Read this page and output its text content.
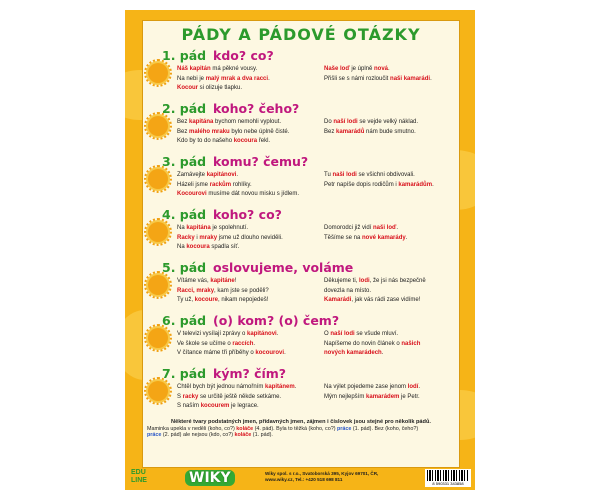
PÁDY A PÁDOVÉ OTÁZKY
1. pád kdo? co?
Náš kapitán má pěkné vousy.
Na nebi je malý mrak a dva racci.
Kocour si olizuje tlapku.
Naše loď je úplně nová.
Přišli se s námi rozloučit naši kamarádi.
2. pád koho? čeho?
Bez kapitána bychom nemohli vyplout.
Bez malého mraku bylo nebe úplně čisté.
Kdo by to do našeho kocoura řekl.
Do naší lodi se vejde velký náklad.
Bez kamarádů nám bude smutno.
3. pád komu? čemu?
Zamávejte kapitánovi.
Házeli jsme rackům rohlíky.
Kocourovi musíme dát novou misku s jídlem.
Tu naši lodi se všichni obdivovali.
Petr napíše dopis rodičům i kamarádům.
4. pád koho? co?
Na kapitána je spolehnutí.
Racky i mraky jsme už dlouho neviděli.
Na kocoura spadla síť.
Domorodci již vidí naši loď.
Těšíme se na nové kamarády.
5. pád oslovujeme, voláme
Vítáme vás, kapitáne!
Racci, mraky, kam jste se poděli?
Ty už, kocoure, nikam nepojedeš!
Děkujeme ti, lodi, že jsi nás bezpečně
dovezla na místo.
Kamarádi, jak vás rádi zase vidíme!
6. pád (o) kom? (o) čem?
V televizi vysílají zprávy o kapitánovi.
Ve škole se učíme o raccích.
V čítance máme tři příběhy o kocourovi.
O naší lodi se všude mluví.
Napíšeme do novin článek o našich
nových kamarádech.
7. pád kým? čím?
Chtěl bych být jednou námořním kapitánem.
S racky se určitě ještě někde setkáme.
S naším kocourem je legrace.
Na výlet pojedeme zase jenom lodí.
Mým nejlepším kamarádem je Petr.
Některé tvary podstatných jmen, přídavných jmen, zájmen i číslovek jsou stejné pro několik pádů.
Maminka upekla v neděli (koho, co?) koláče (4. pád). Byla to těžká (koho, co?) práce (1. pád). Bez (koho, čeho?)
práce (2. pád) ale nejsou (kdo, co?) koláče (1. pád).
EDU
LINE	WIKY	Wiky spol. s r.o., Svatoborská 395, Kyjov 69701, ČR,
www.wiky.cz, Tel.: +420 518 698 811
8 590331 343858
